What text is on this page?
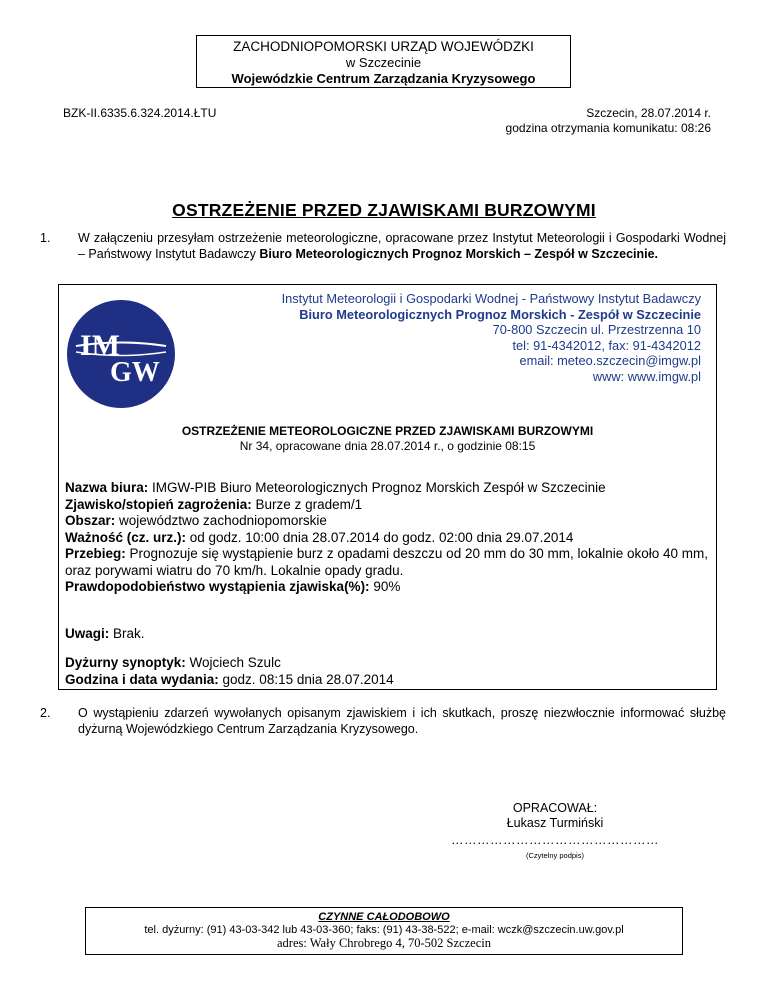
ZACHODNIOPOMORSKI URZĄD WOJEWÓDZKI
w Szczecinie
Wojewódzkie Centrum Zarządzania Kryzysowego
BZK-II.6335.6.324.2014.ŁTU	Szczecin, 28.07.2014 r.
godzina otrzymania komunikatu: 08:26
OSTRZEŻENIE PRZED ZJAWISKAMI BURZOWYMI
1. W załączeniu przesyłam ostrzeżenie meteorologiczne, opracowane przez Instytut Meteorologii i Gospodarki Wodnej – Państwowy Instytut Badawczy Biuro Meteorologicznych Prognoz Morskich – Zespół w Szczecinie.
IM
GW
Instytut Meteorologii i Gospodarki Wodnej - Państwowy Instytut Badawczy
Biuro Meteorologicznych Prognoz Morskich - Zespół w Szczecinie
70-800 Szczecin ul. Przestrzenna 10
tel: 91-4342012, fax: 91-4342012
email: meteo.szczecin@imgw.pl
www: www.imgw.pl
OSTRZEŻENIE METEOROLOGICZNE PRZED ZJAWISKAMI BURZOWYMI
Nr 34, opracowane dnia 28.07.2014 r., o godzinie 08:15

Nazwa biura: IMGW-PIB Biuro Meteorologicznych Prognoz Morskich Zespół w Szczecinie

Zjawisko/stopień zagrożenia: Burze z gradem/1

Obszar: województwo zachodniopomorskie

Ważność (cz. urz.): od godz. 10:00 dnia 28.07.2014 do godz. 02:00 dnia 29.07.2014

Przebieg: Prognozuje się wystąpienie burz z opadami deszczu od 20 mm do 30 mm, lokalnie około 40 mm, oraz porywami wiatru do 70 km/h. Lokalnie opady gradu.

Prawdopodobieństwo wystąpienia zjawiska(%): 90%

Uwagi: Brak.

Dyżurny synoptyk: Wojciech Szulc

Godzina i data wydania: godz. 08:15 dnia 28.07.2014

2. O wystąpieniu zdarzeń wywołanych opisanym zjawiskiem i ich skutkach, proszę niezwłocznie informować służbę dyżurną Wojewódzkiego Centrum Zarządzania Kryzysowego.
OPRACOWAŁ:
Łukasz Turmiński
…………………………………………
(Czytelny podpis)
CZYNNE CAŁODOBOWO
tel. dyżurny: (91) 43-03-342 lub 43-03-360; faks: (91) 43-38-522; e-mail: wczk@szczecin.uw.gov.pl
adres: Wały Chrobrego 4, 70-502 Szczecin
